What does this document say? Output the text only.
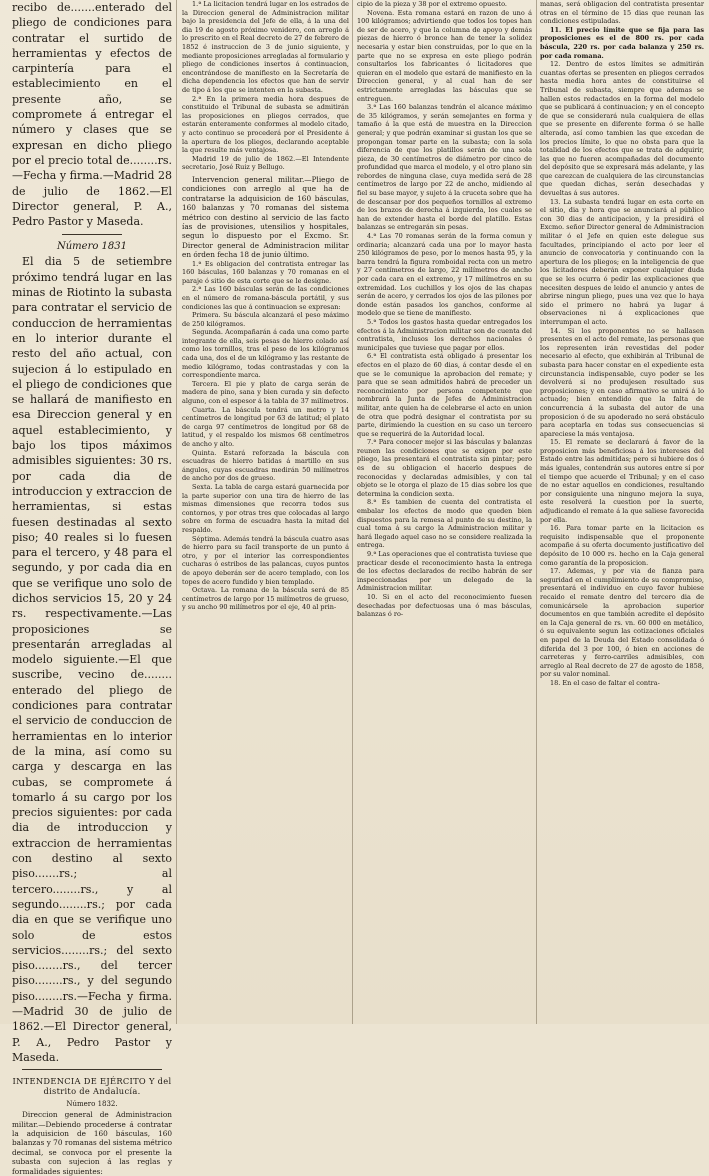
recibo de.......enterado del pliego de condiciones para contratar el surtido de herramientas y efectos de carpintería para el establecimiento en el presente año, se compromete á entregar el número y clases que se expresan en dicho pliego por el precio total de........rs.—Fecha y firma.—Madrid 28 de julio de 1862.—El Director general, P. A., Pedro Pastor y Maseda.

Número 1831

El dia 5 de setiembre próximo tendrá lugar en las minas de Riotinto la subasta para contratar el servicio de conduccion de herramientas en lo interior durante el resto del año actual, con sujecion á lo estipulado en el pliego de condiciones que se hallará de manifiesto en esa Direccion general y en aquel establecimiento, y bajo los tipos máximos admisibles siguientes: 30 rs. por cada dia de introduccion y extraccion de herramientas, si estas fuesen destinadas al sexto piso; 40 reales si lo fuesen para el tercero, y 48 para el segundo, y por cada dia en que se verifique uno solo de dichos servicios 15, 20 y 24 rs. respectivamente.—Las proposiciones se presentarán arregladas al modelo siguiente.—El que suscribe, vecino de........ enterado del pliego de condiciones para contratar el servicio de conduccion de herramientas en lo interior de la mina, así como su carga y descarga en las cubas, se compromete á tomarlo á su cargo por los precios siguientes: por cada dia de introduccion y extraccion de herramientas con destino al sexto piso.......rs.; al tercero........rs., y al segundo........rs.; por cada dia en que se verifique uno solo de estos servicios........rs.; del sexto piso........rs., del tercer piso........rs., y del segundo piso........rs.—Fecha y firma.—Madrid 30 de julio de 1862.—El Director general, P. A., Pedro Pastor y Maseda.

INTENDENCIA DE EJÉRCITO Y del distrito de Andalucía.
Número 1832.

Direccion general de Administracion militar.—Debiendo procederse á contratar la adquisicion de 160 básculas, 160 balanzas y 70 romanas del sistema métrico decimal, se convoca por el presente la subasta con sujecion á las reglas y formalidades siguientes:

1.ª La licitacion tendrá lugar en los estrados de la Direccion general de Administracion militar bajo la presidencia del Jefe de ella, á la una del dia 19 de agosto próximo venidero, con arreglo á lo prescrito en el Real decreto de 27 de febrero de 1852 é instruccion de 3 de junio siguiente, y mediante proposiciones arregladas al formulario y pliego de condiciones insertos á continuacion, encontrándose de manifiesto en la Secretaría de dicha dependencia los efectos que han de servir de tipo á los que se intenten en la subasta.

2.ª En la primera media hora despues de constituido el Tribunal de subasta se admitirán las proposiciones en pliegos cerrados, que estarán enteramente conformes al modelo citado, y acto continuo se procederá por el Presidente á la apertura de los pliegos, declarando aceptable la que resulte más ventajosa.

Madrid 19 de julio de 1862.—El Intendente secretario, José Ruiz y Bellugo.

Intervencion general militar.—Pliego de condiciones con arreglo al que ha de contratarse la adquisicion de 160 básculas, 160 balanzas y 70 romanas del sistema métrico con destino al servicio de las facto ías de provisiones, utensilios y hospitales, segun lo dispuesto por el Excmo. Sr. Director general de Administracion militar en órden fecha 18 de junio último.

1.ª Es obligacion del contratista entregar las 160 básculas, 160 balanzas y 70 romanas en el paraje ó sitio de esta corte que se le designe.

2.ª Las 160 básculas serán de las condiciones en el número de romana-báscula portátil, y sus condiciones las que á continuacion se expresan:

Primera. Su báscula alcanzará el peso máximo de 250 kilógramos.

Segunda. Acompañarán á cada una como parte integrante de ella, seis pesas de hierro colado así como los tornillos, tras el peso de los kilógramos cada una, dos el de un kilógramo y las restante de medio kilógramo, todas contrastadas y con la correspondiente marca.

Tercera. El pie y plato de carga serán de madera de pino, sana y bien curada y sin defecto alguno, con el espesor á la tabla de 37 milímetros.

Cuarta. La báscula tendrá un metro y 14 centímetros de longitud por 63 de latitud; el plato de carga 97 centímetros de longitud por 68 de latitud, y el respaldo los mismos 68 centímetros de ancho y alto.

Quinta. Estará reforzada la báscula con escuadras de hierro batidas á martillo en sus ángulos, cuyas escuadras medirán 50 milímetros de ancho por dos de grueso.

Sexta. La tabla de carga estará guarnecida por la parte superior con una tira de hierro de las mismas dimensiones que recorra todos sus contornos, y por otras tres que colocadas al largo sobre en forma de escuadra hasta la mitad del respaldo.

Séptima. Además tendrá la báscula cuatro asas de hierro para su facil transporte de un punto á otro, y por el interior las correspondientes cucharas ó estribos de las palancas, cuyos puntos de apoyo deberán ser de acero templado, con los topes de acero fundido y bien templado.

Octava. La romana de la báscula será de 85 centímetros de largo por 15 milímetros de grueso, y su ancho 90 milímetros por el eje, 40 al prin-

cipio de la pieza y 38 por el extremo opuesto.

Novena. Esta romana estará en razon de uno á 100 kilógramos; advirtiendo que todos los topes han de ser de acero, y que la columna de apoyo y demás piezas de hierro ó bronce han de tener la solidez necesaria y estar bien construidas, por lo que en la parte que no se expresa en este pliego podrán consultarlos los fabricantes ó licitadores que quieran en el modelo que estará de manifiesto en la Direccion general, y al cual han de ser estrictamente arregladas las básculas que se entreguen.

3.ª Las 160 balanzas tendrán el alcance máximo de 35 kilógramos, y serán semejantes en forma y tamaño á la que está de muestra en la Direccion general; y que podrán examinar si gustan los que se propongan tomar parte en la subasta; con la sola diferencia de que los platillos serán de una sola pieza, de 30 centímetros de diámetro por cinco de profundidad que marca el modelo, y el otro plano sin rebordes de ninguna clase, cuya medida será de 28 centímetros de largo por 22 de ancho, midiendo al fiel su base mayor, y sujeto á la cruceta sobre que ha de descansar por dos pequeños tornillos al extremo de los brazos de derecha á izquierda, los cuales se han de extender hasta el borde del platillo. Estas balanzas se entregarán sin pesas.

4.ª Las 70 romanas serán de la forma comun y ordinaria; alcanzará cada una por lo mayor hasta 250 kilógramos de peso, por lo menos hasta 95, y la barra tendrá la figura romboidal recta con un metro y 27 centímetros de largo, 22 milímetros de ancho por cada cara en el extremo, y 17 milímetros en su extremidad. Los cuchillos y los ojos de las chapas serán de acero, y cerrados los ojos de las pilones por donde están pasados los ganchos, conforme al modelo que se tiene de manifiesto.

5.ª Todos los gastos hasta quedar entregados los efectos á la Administracion militar son de cuenta del contratista, inclusos los derechos nacionales ó municipales que tuviese que pagar por ellos.

6.ª El contratista está obligado á presentar los efectos en el plazo de 60 dias, á contar desde el en que se le comunique la aprobacion del remate; y para que se sean admitidos habrá de preceder un reconocimiento por persona competente que nombrará la Junta de Jefes de Administracion militar, ante quien ha de celebrarse el acto en union de otra que podrá designar el contratista por su parte, dirimiendo la cuestion en su caso un tercero que se requerirá de la Autoridad local.

7.ª Para conocer mejor si las básculas y balanzas reunen las condiciones que se exigen por este pliego, las presentará el contratista sin pintar; pero es de su obligacion el hacerlo despues de reconocidas y declaradas admisibles, y con tal objeto se le otorga el plazo de 15 dias sobre los que determina la condicion sexta.

8.ª Es tambien de cuenta del contratista el embalar los efectos de modo que queden bien dispuestos para la remesa al punto de su destino, la cual toma á su cargo la Administracion militar y hará llegado aquel caso no se considere realizada la entrega.

9.ª Las operaciones que el contratista tuviese que practicar desde el reconocimiento hasta la entrega de los efectos declarados de recibo habrán de ser inspeccionadas por un delegado de la Administracion militar.

10. Si en el acto del reconocimiento fuesen desechadas por defectuosas una ó mas básculas, balanzas ó ro-

manas, será obligacion del contratista presentar otras en el término de 15 dias que reunan las condiciones estipuladas.

11. El precio límite que se fija para las proposiciones es el de 800 rs. por cada báscula, 220 rs. por cada balanza y 250 rs. por cada romana.

12. Dentro de estos límites se admitirán cuantas ofertas se presenten en pliegos cerrados hasta media hora antes de constituirse el Tribunal de subasta, siempre que ademas se hallen estos redactados en la forma del modelo que se publicará á continuacion; y en el concepto de que se considerará nula cualquiera de ellas que se presente en diferente forma ó se halle alterada, así como tambien las que excedan de los precios límite, lo que no obsta para que la totalidad de los efectos que se trata de adquirir, las que no fueren acompañadas del documento del depósito que se expresará más adelante, y las que carezcan de cualquiera de las circunstancias que quedan dichas, serán desechadas y devueltas á sus autores.

13. La subasta tendrá lugar en esta corte en el sitio, dia y hora que se anunciará al público con 30 dias de anticipacion, y la presidirá el Excmo. señor Director general de Administracion militar ó el Jefe en quien este delegue sus facultades, principiando el acto por leer el anuncio de convocatoria y continuando con la apertura de los pliegos; en la inteligencia de que los licitadores deberán exponer cualquier duda que se les ocurra ó pedir las explicaciones que necesiten despues de leido el anuncio y antes de abrirse ningun pliego, pues una vez que lo haya sido el primero no habrá ya lugar á observaciones ni á explicaciones que interrumpan el acto.

14. Si los proponentes no se hallasen presentes en el acto del remate, las personas que los representen irán revestidas del poder necesario al efecto, que exhibirán al Tribunal de subasta para hacer constar en el expediente esta circunstancia indispensable, cuyo poder se les devolverá si no produjesen resultado sus proposiciones; y en caso afirmativo se unirá á lo actuado; bien entendido que la falta de concurrencia á la subasta del autor de una proposicion ó de su apoderado no será obstáculo para aceptarla en todas sus consecuencias si apareciese la más ventajosa.

15. El remate se declarará á favor de la proposicion más beneficiosa á los intereses del Estado entre las admitidas; pero si hubiere dos ó más iguales, contendrán sus autores entre sí por el tiempo que acuerde el Tribunal; y en el caso de no estar aquellos en condiciones, resultando por consiguiente una ninguno mejora la suya, este resolverá la cuestion por la suerte, adjudicando el remate á la que saliese favorecida por ella.

16. Para tomar parte en la licitacion es requisito indispensable que el proponente acompañe á su oferta documento justificativo del depósito de 10 000 rs. hecho en la Caja general como garantía de la proposicion.

17. Ademas, y por via de fianza para seguridad en el cumplimiento de su compromiso, presentará el individuo en cuyo favor hubiese recaido el remate dentro del tercero dia de comunicársele la aprobacion superior documentos en que también acredite el depósito en la Caja general de rs. vn. 60 000 en metálico, ó su equivalente segun las cotizaciones oficiales en papel de la Deuda del Estado consolidada ó diferida del 3 por 100, ó bien en acciones de carreteras y ferro-carriles admisibles, con arreglo al Real decreto de 27 de agosto de 1858, por su valor nominal.

18. En el caso de faltar el contra-
